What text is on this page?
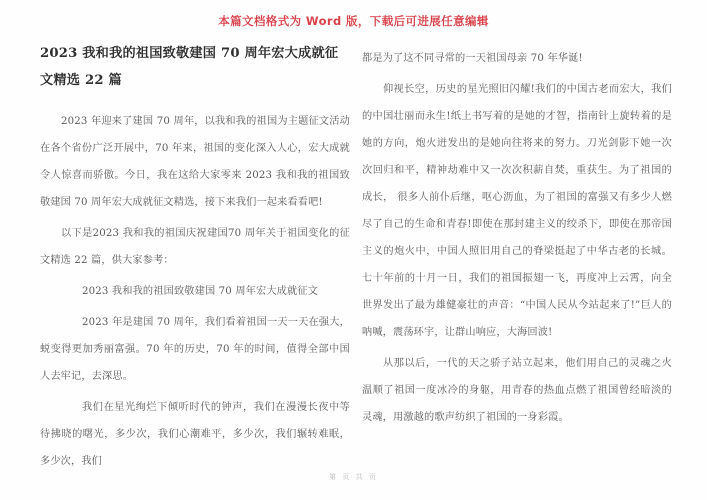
本篇文档格式为 Word 版，下载后可进展任意编辑
2023 我和我的祖国致敬建国 70 周年宏大成就征文精选 22 篇

2023 年迎来了建国 70 周年，以我和我的祖国为主题征文活动在各个省份广泛开展中，70 年来，祖国的变化深入人心，宏大成就令人惊喜而骄傲。今日，我在这给大家零来 2023 我和我的祖国致敬建国 70 周年宏大成就征文精选，接下来我们一起来看看吧!

以下是2023 我和我的祖国庆祝建国70 周年关于祖国变化的征文精选 22 篇，供大家参考：

2023 我和我的祖国致敬建国 70 周年宏大成就征文

2023 年是建国 70 周年，我们看着祖国一天一天在强大，蜕变得更加秀丽富强。70 年的历史，70 年的时间，值得全部中国人去牢记，去深思。

我们在星光绚烂下倾听时代的钟声，我们在漫漫长夜中等待拂晓的曙光，多少次，我们心潮难平，多少次，我们辗转难眠，多少次，我们

都是为了这不同寻常的一天祖国母亲 70 年华诞!

仰视长空，历史的星光照旧闪耀!我们的中国古老而宏大，我们的中国壮丽而永生!纸上书写着的是她的才智，指南针上旋转着的是她的方向，炮火迸发出的是她向往将来的努力。刀光剑影下她一次次回归和平，精神劫难中又一次次积薪自焚，重获生。为了祖国的成长， 很多人前仆后继，呕心沥血，为了祖国的富强又有多少人燃尽了自己的生命和青春!即使在那封建主义的绞杀下，即使在那帝国主义的炮火中，中国人照旧用自己的脊梁挺起了中华古老的长城。七十年前的十月一日，我们的祖国振翅一飞，再度冲上云霄，向全世界发出了最为雄健豪壮的声音：“中国人民从今站起来了!”巨人的呐喊，震荡环宇，让群山响应，大海回波!

从那以后，一代的天之骄子站立起来，他们用自己的灵魂之火温顺了祖国一度冰冷的身躯，用青春的热血点燃了祖国曾经暗淡的灵魂，用激越的歌声纺织了祖国的一身彩霞。

第 页 共 页
